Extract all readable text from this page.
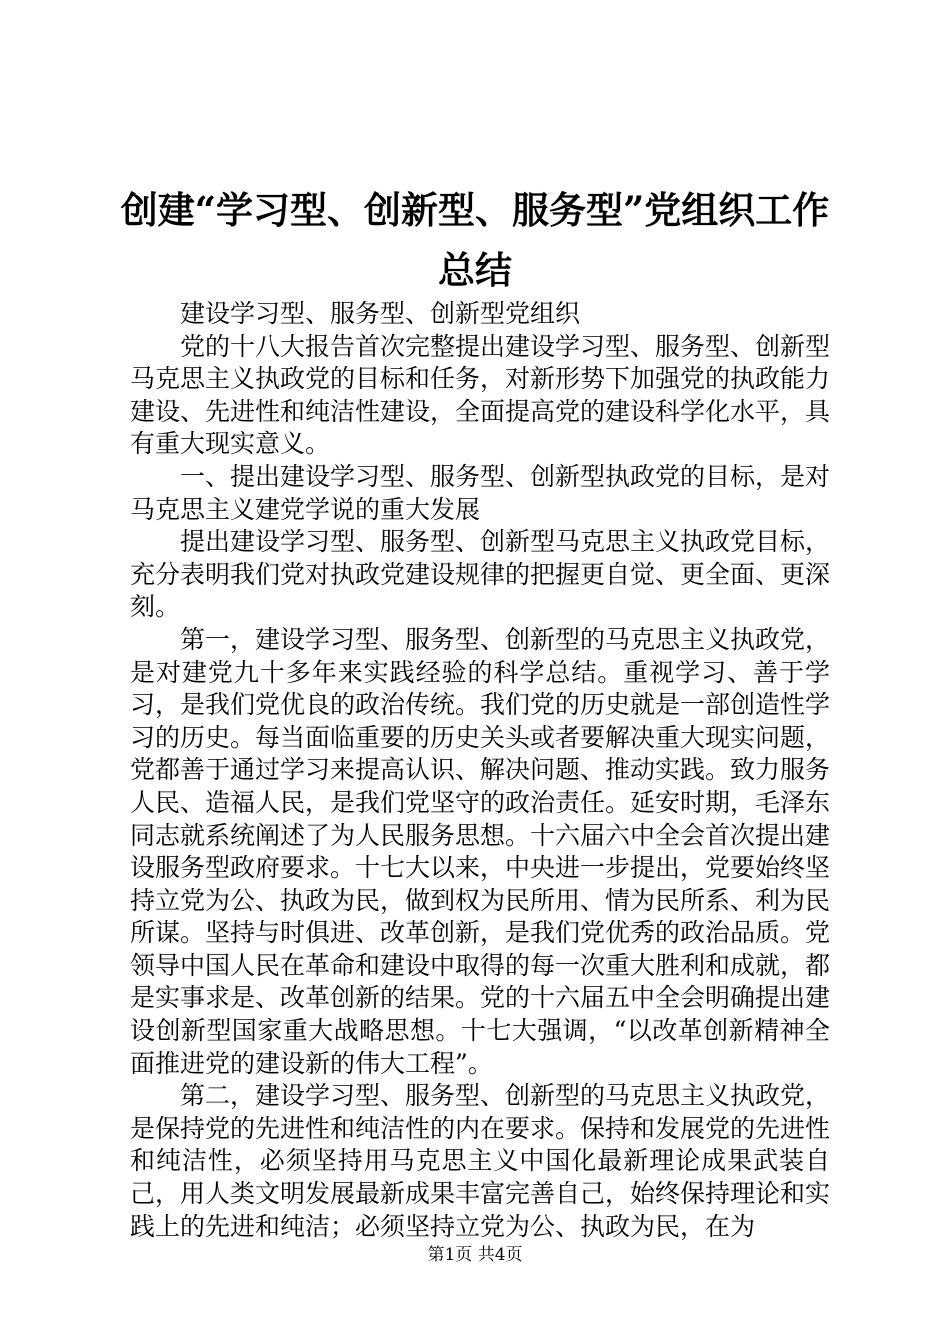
创建“学习型、创新型、服务型”党组织工作
总结

建设学习型、服务型、创新型党组织

党的十八大报告首次完整提出建设学习型、服务型、创新型马克思主义执政党的目标和任务，对新形势下加强党的执政能力建设、先进性和纯洁性建设，全面提高党的建设科学化水平，具有重大现实意义。

一、提出建设学习型、服务型、创新型执政党的目标，是对马克思主义建党学说的重大发展

提出建设学习型、服务型、创新型马克思主义执政党目标，充分表明我们党对执政党建设规律的把握更自觉、更全面、更深刻。

第一，建设学习型、服务型、创新型的马克思主义执政党，是对建党九十多年来实践经验的科学总结。重视学习、善于学习，是我们党优良的政治传统。我们党的历史就是一部创造性学习的历史。每当面临重要的历史关头或者要解决重大现实问题，党都善于通过学习来提高认识、解决问题、推动实践。致力服务人民、造福人民，是我们党坚守的政治责任。延安时期，毛泽东同志就系统阐述了为人民服务思想。十六届六中全会首次提出建设服务型政府要求。十七大以来，中央进一步提出，党要始终坚持立党为公、执政为民，做到权为民所用、情为民所系、利为民所谋。坚持与时俱进、改革创新，是我们党优秀的政治品质。党领导中国人民在革命和建设中取得的每一次重大胜利和成就，都是实事求是、改革创新的结果。党的十六届五中全会明确提出建设创新型国家重大战略思想。十七大强调，“以改革创新精神全面推进党的建设新的伟大工程”。

第二，建设学习型、服务型、创新型的马克思主义执政党，是保持党的先进性和纯洁性的内在要求。保持和发展党的先进性和纯洁性，必须坚持用马克思主义中国化最新理论成果武装自己，用人类文明发展最新成果丰富完善自己，始终保持理论和实践上的先进和纯洁；必须坚持立党为公、执政为民，在为

第1页 共4页
